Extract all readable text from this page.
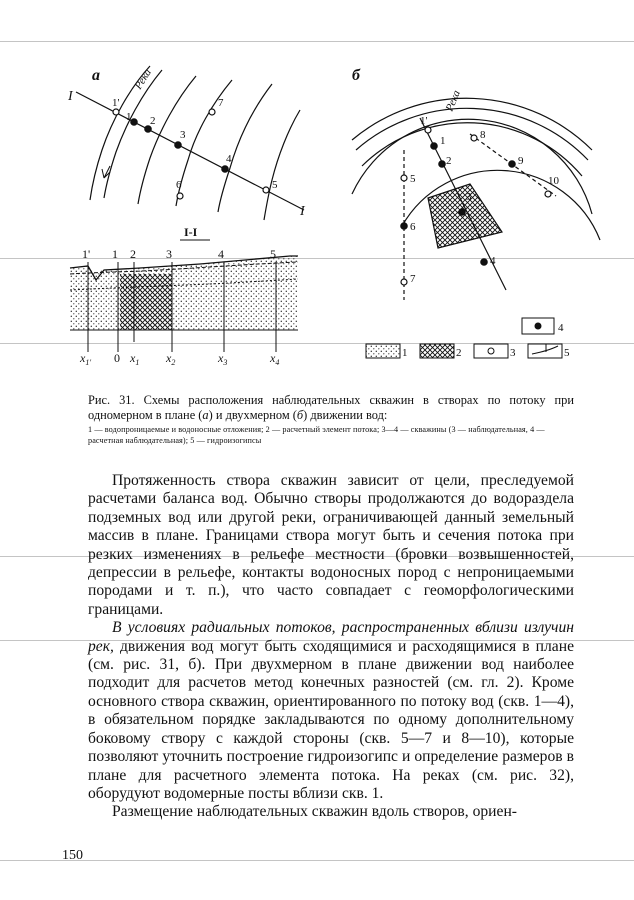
а	Река
I
I
1'
1 2
3
4
5
6
7
I-I
1' 1 2	3	4	5
$x_{1'}$ 0 $x_1$ $x_2$	$x_3$	$x_4$
б
Река
1'
1
2
3
4
5
6
7
8
9
10
4
1	2	3	5
Рис. 31. Схемы расположения наблюдательных скважин в створах по потоку при одномерном в плане (а) и двухмерном (б) движении вод:
1 — водопроницаемые и водоносные отложения; 2 — расчетный элемент потока; 3—4 — скважины (3 — наблюдательная, 4 — расчетная наблюдательная); 5 — гидроизогипсы

Протяженность створа скважин зависит от цели, преследуемой расчетами баланса вод. Обычно створы продолжаются до водораздела подземных вод или другой реки, ограничивающей данный земельный массив в плане. Границами створа могут быть и сечения потока при резких изменениях в рельефе местности (бровки возвышенностей, депрессии в рельефе, контакты водоносных пород с непроницаемыми породами и т. п.), что часто совпадает с геоморфологическими границами.

В условиях радиальных потоков, распространенных вблизи излучин рек, движения вод могут быть сходящимися и расходящимися в плане (см. рис. 31, б). При двухмерном в плане движении вод наиболее подходит для расчетов метод конечных разностей (см. гл. 2). Кроме основного створа скважин, ориентированного по потоку вод (скв. 1—4), в обязательном порядке закладываются по одному дополнительному боковому створу с каждой стороны (скв. 5—7 и 8—10), которые позволяют уточнить построение гидроизогипс и определение размеров в плане для расчетного элемента потока. На реках (см. рис. 32), оборудуют водомерные посты вблизи скв. 1.

Размещение наблюдательных скважин вдоль створов, ориен-

150
